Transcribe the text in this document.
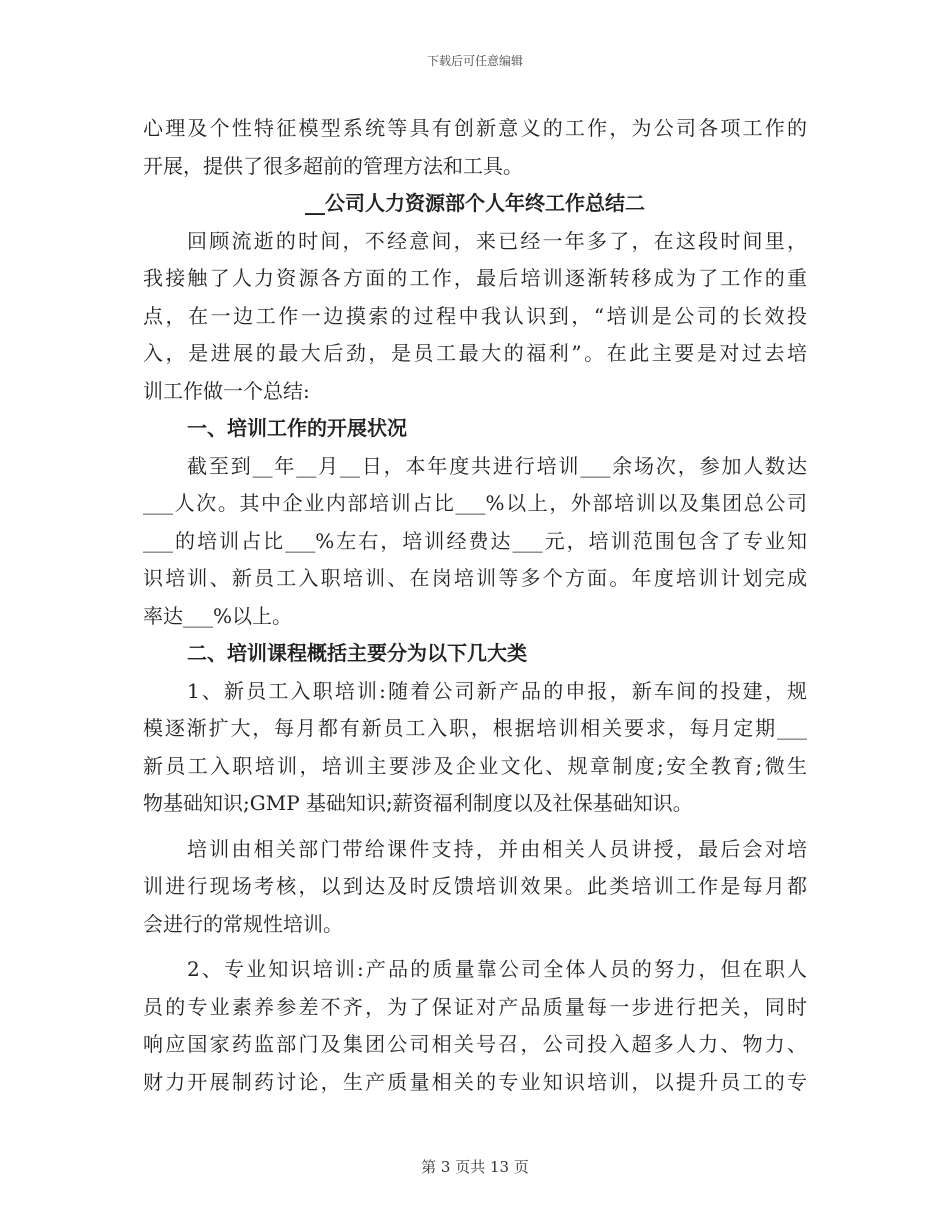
下载后可任意编辑
心理及个性特征模型系统等具有创新意义的工作，为公司各项工作的
开展，提供了很多超前的管理方法和工具。
__公司人力资源部个人年终工作总结二
回顾流逝的时间，不经意间，来已经一年多了，在这段时间里，
我接触了人力资源各方面的工作，最后培训逐渐转移成为了工作的重
点，在一边工作一边摸索的过程中我认识到，“培训是公司的长效投
入，是进展的最大后劲，是员工最大的福利”。在此主要是对过去培
训工作做一个总结:
一、培训工作的开展状况
截至到__年__月__日，本年度共进行培训___余场次，参加人数达
___人次。其中企业内部培训占比___%以上，外部培训以及集团总公司
___的培训占比___%左右，培训经费达___元，培训范围包含了专业知
识培训、新员工入职培训、在岗培训等多个方面。年度培训计划完成
率达___%以上。
二、培训课程概括主要分为以下几大类
1、新员工入职培训:随着公司新产品的申报，新车间的投建，规
模逐渐扩大，每月都有新员工入职，根据培训相关要求，每月定期___
新员工入职培训，培训主要涉及企业文化、规章制度;安全教育;微生
物基础知识;GMP 基础知识;薪资福利制度以及社保基础知识。
培训由相关部门带给课件支持，并由相关人员讲授，最后会对培
训进行现场考核，以到达及时反馈培训效果。此类培训工作是每月都
会进行的常规性培训。
2、专业知识培训:产品的质量靠公司全体人员的努力，但在职人
员的专业素养参差不齐，为了保证对产品质量每一步进行把关，同时
响应国家药监部门及集团公司相关号召，公司投入超多人力、物力、
财力开展制药讨论，生产质量相关的专业知识培训，以提升员工的专
第 3 页共 13 页
